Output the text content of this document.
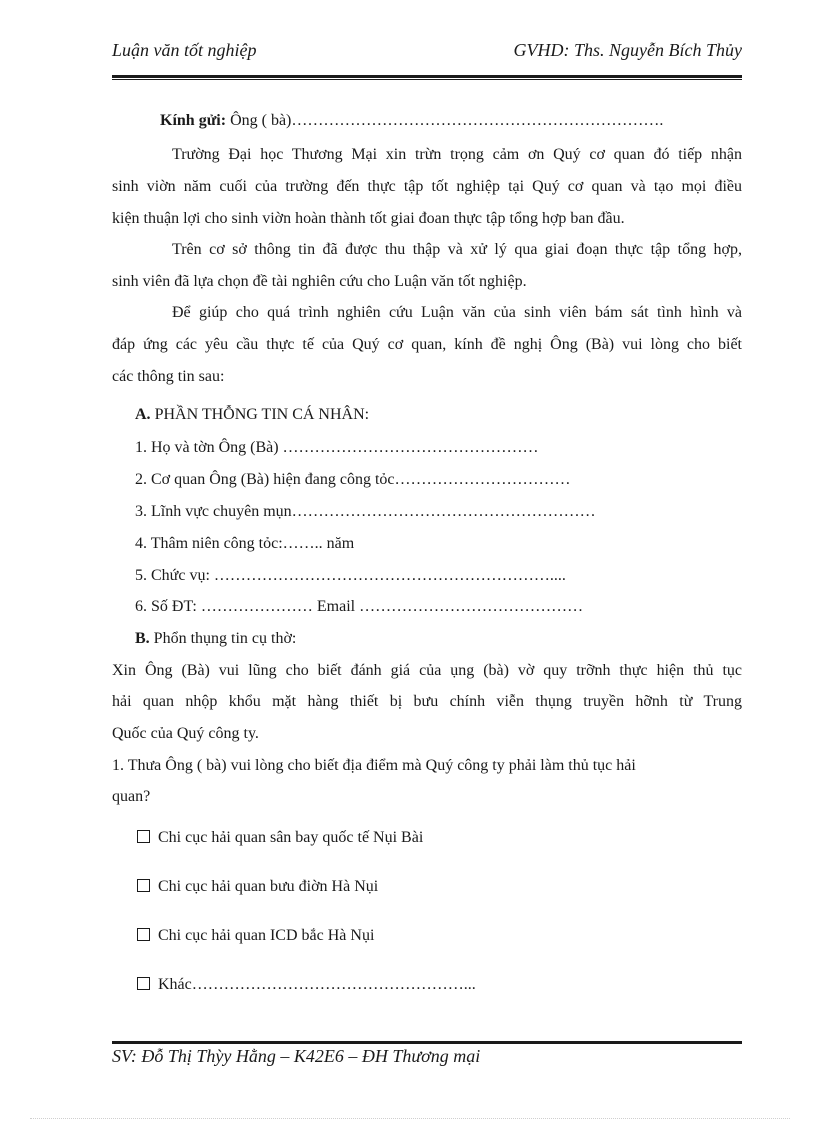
Luận văn tốt nghiệp	GVHD: Ths. Nguyễn Bích Thủy
Kính gửi: Ông ( bà)…………………………………………………………….
Trường Đại học Thương Mại xin trừn trọng cảm ơn Quý cơ quan đó tiếp nhận
sinh viờn năm cuối của trường đến thực tập tốt nghiệp tại Quý cơ quan và tạo mọi điều
kiện thuận lợi cho sinh viờn hoàn thành tốt giai đoan thực tập tổng hợp ban đầu.
Trên cơ sở thông tin đã được thu thập và xử lý qua giai đoạn thực tập tổng hợp,
sinh viên đã lựa chọn đề tài nghiên cứu cho Luận văn tốt nghiệp.
Để giúp cho quá trình nghiên cứu Luận văn của sinh viên bám sát tình hình và
đáp ứng các yêu cầu thực tế của Quý cơ quan, kính đề nghị Ông (Bà) vui lòng cho biết
các thông tin sau:
A. PHẦN THỖNG TIN CÁ NHÂN:
1. Họ và tờn Ông (Bà) …………………………………………
2. Cơ quan Ông (Bà) hiện đang công tỏc……………………………
3. Lĩnh vực chuyên mụn…………………………………………………
4. Thâm niên công tỏc:…….. năm
5. Chức vụ: ………………………………………………………....
6. Số ĐT: ………………… Email ……………………………………
B. Phổn thụng tin cụ thờ:
Xin Ông (Bà) vui lũng cho biết đánh giá của ụng (bà) vờ quy trỡnh thực hiện thủ tục
hải quan nhộp khổu mặt hàng thiết bị bưu chính viễn thụng truyền hỡnh từ Trung
Quốc của Quý công ty.
1. Thưa Ông ( bà) vui lòng cho biết địa điểm mà Quý công ty phải làm thủ tục hải
quan?
Chi cục hải quan sân bay quốc tế Nụi Bài
Chi cục hải quan bưu điờn Hà Nụi
Chi cục hải quan ICD bắc Hà Nụi
Khác……………………………………………...
SV: Đỗ Thị Thỳy Hằng – K42E6 – ĐH Thương mại
